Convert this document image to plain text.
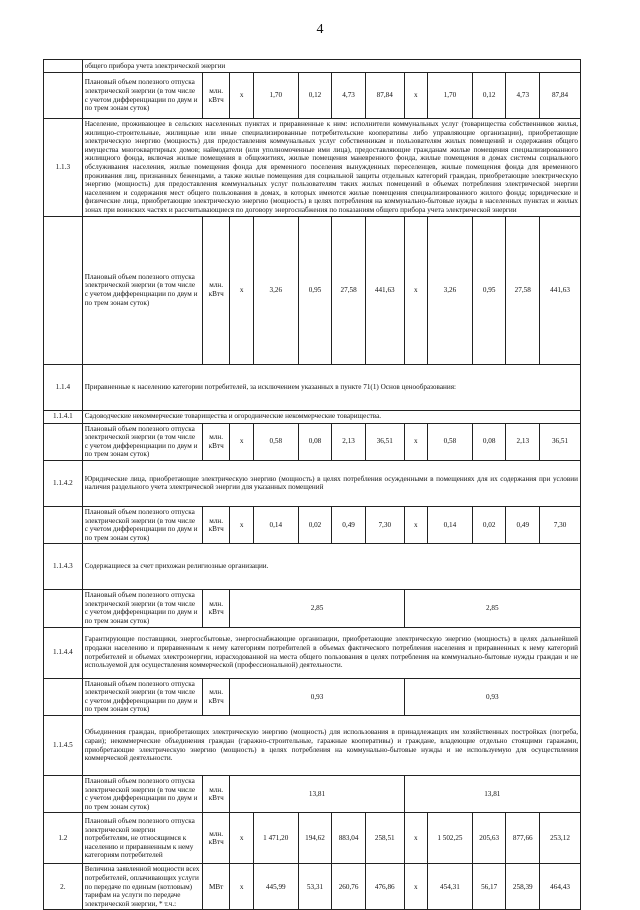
4
	общего прибора учета электрической энергии											
	Плановый объем полезного отпуска электрической энергии (в том числе с учетом дифференциации по двум и по трем зонам суток)	млн. кВтч	x	1,70	0,12	4,73	87,84	x	1,70	0,12	4,73	87,84
1.1.3	Население, проживающее в сельских населенных пунктах и приравненные к ним: исполнители коммунальных услуг (товарищества собственников жилья, жилищно-строительные, жилищные или иные специализированные потребительские кооперативы либо управляющие организации), приобретающие электрическую энергию (мощность) для предоставления коммунальных услуг собственникам и пользователям жилых помещений и содержания общего имущества многоквартирных домов; наймодатели (или уполномоченные ими лица), предоставляющие гражданам жилые помещения специализированного жилищного фонда, включая жилые помещения в общежитиях, жилые помещения маневренного фонда, жилые помещения в домах системы социального обслуживания населения, жилые помещения фонда для временного поселения вынужденных переселенцев, жилые помещения фонда для временного проживания лиц, признанных беженцами, а также жилые помещения для социальной защиты отдельных категорий граждан, приобретающие электрическую энергию (мощность) для предоставления коммунальных услуг пользователям таких жилых помещений в объемах потребления электрической энергии населением и содержания мест общего пользования в домах, в которых имеются жилые помещения специализированного жилого фонда; юридические и физические лица, приобретающие электрическую энергию (мощность) в целях потребления на коммунально-бытовые нужды в населенных пунктах и жилых зонах при воинских частях и рассчитывающиеся по договору энергоснабжения по показаниям общего прибора учета электрической энергии											
	Плановый объем полезного отпуска электрической энергии (в том числе с учетом дифференциации по двум и по трем зонам суток)	млн. кВтч	x	3,26	0,95	27,58	441,63	x	3,26	0,95	27,58	441,63
1.1.4	Приравненные к населению категории потребителей, за исключением указанных в пункте 71(1) Основ ценообразования:											
1.1.4.1	Садоводческие некоммерческие товарищества и огороднические некоммерческие товарищества.											
	Плановый объем полезного отпуска электрической энергии (в том числе с учетом дифференциации по двум и по трем зонам суток)	млн. кВтч	x	0,58	0,08	2,13	36,51	x	0,58	0,08	2,13	36,51
1.1.4.2	Юридические лица, приобретающие электрическую энергию (мощность) в целях потребления осужденными в помещениях для их содержания при условии наличия раздельного учета электрической энергии для указанных помещений											
	Плановый объем полезного отпуска электрической энергии (в том числе с учетом дифференциации по двум и по трем зонам суток)	млн. кВтч	x	0,14	0,02	0,49	7,30	x	0,14	0,02	0,49	7,30
1.1.4.3	Содержащиеся за счет прихожан религиозные организации.											
	Плановый объем полезного отпуска электрической энергии (в том числе с учетом дифференциации по двум и по трем зонам суток)	млн. кВтч	2,85					2,85				
1.1.4.4	Гарантирующие поставщики, энергосбытовые, энергоснабжающие организации, приобретающие электрическую энергию (мощность) в целях дальнейшей продажи населению и приравненным к нему категориям потребителей в объемах фактического потребления населения и приравненных к нему категорий потребителей и объемах электроэнергии, израсходованной на места общего пользования в целях потребления на коммунально-бытовые нужды граждан и не используемой для осуществления коммерческой (профессиональной) деятельности.											
	Плановый объем полезного отпуска электрической энергии (в том числе с учетом дифференциации по двум и по трем зонам суток)	млн. кВтч	0,93					0,93				
1.1.4.5	Объединения граждан, приобретающих электрическую энергию (мощность) для использования в принадлежащих им хозяйственных постройках (погреба, сараи); некоммерческие объединения граждан (гаражно-строительные, гаражные кооперативы) и граждане, владеющие отдельно стоящими гаражами, приобретающие электрическую энергию (мощность) в целях потребления на коммунально-бытовые нужды и не используемую для осуществления коммерческой деятельности.											
	Плановый объем полезного отпуска электрической энергии (в том числе с учетом дифференциации по двум и по трем зонам суток)	млн. кВтч	13,81					13,81				
1.2	Плановый объем полезного отпуска электрической энергии потребителям, не относящимся к населению и приравненным к нему категориям потребителей	млн. кВтч	x	1 471,20	194,62	883,04	258,51	x	1 502,25	205,63	877,66	253,12
2.	Величина заявленной мощности всех потребителей, оплачивающих услуги по передаче по единым (котловым) тарифам на услуги по передаче электрической энергии, * т.ч.:	МВт	x	445,99	53,31	260,76	476,86	x	454,31	56,17	258,39	464,43
